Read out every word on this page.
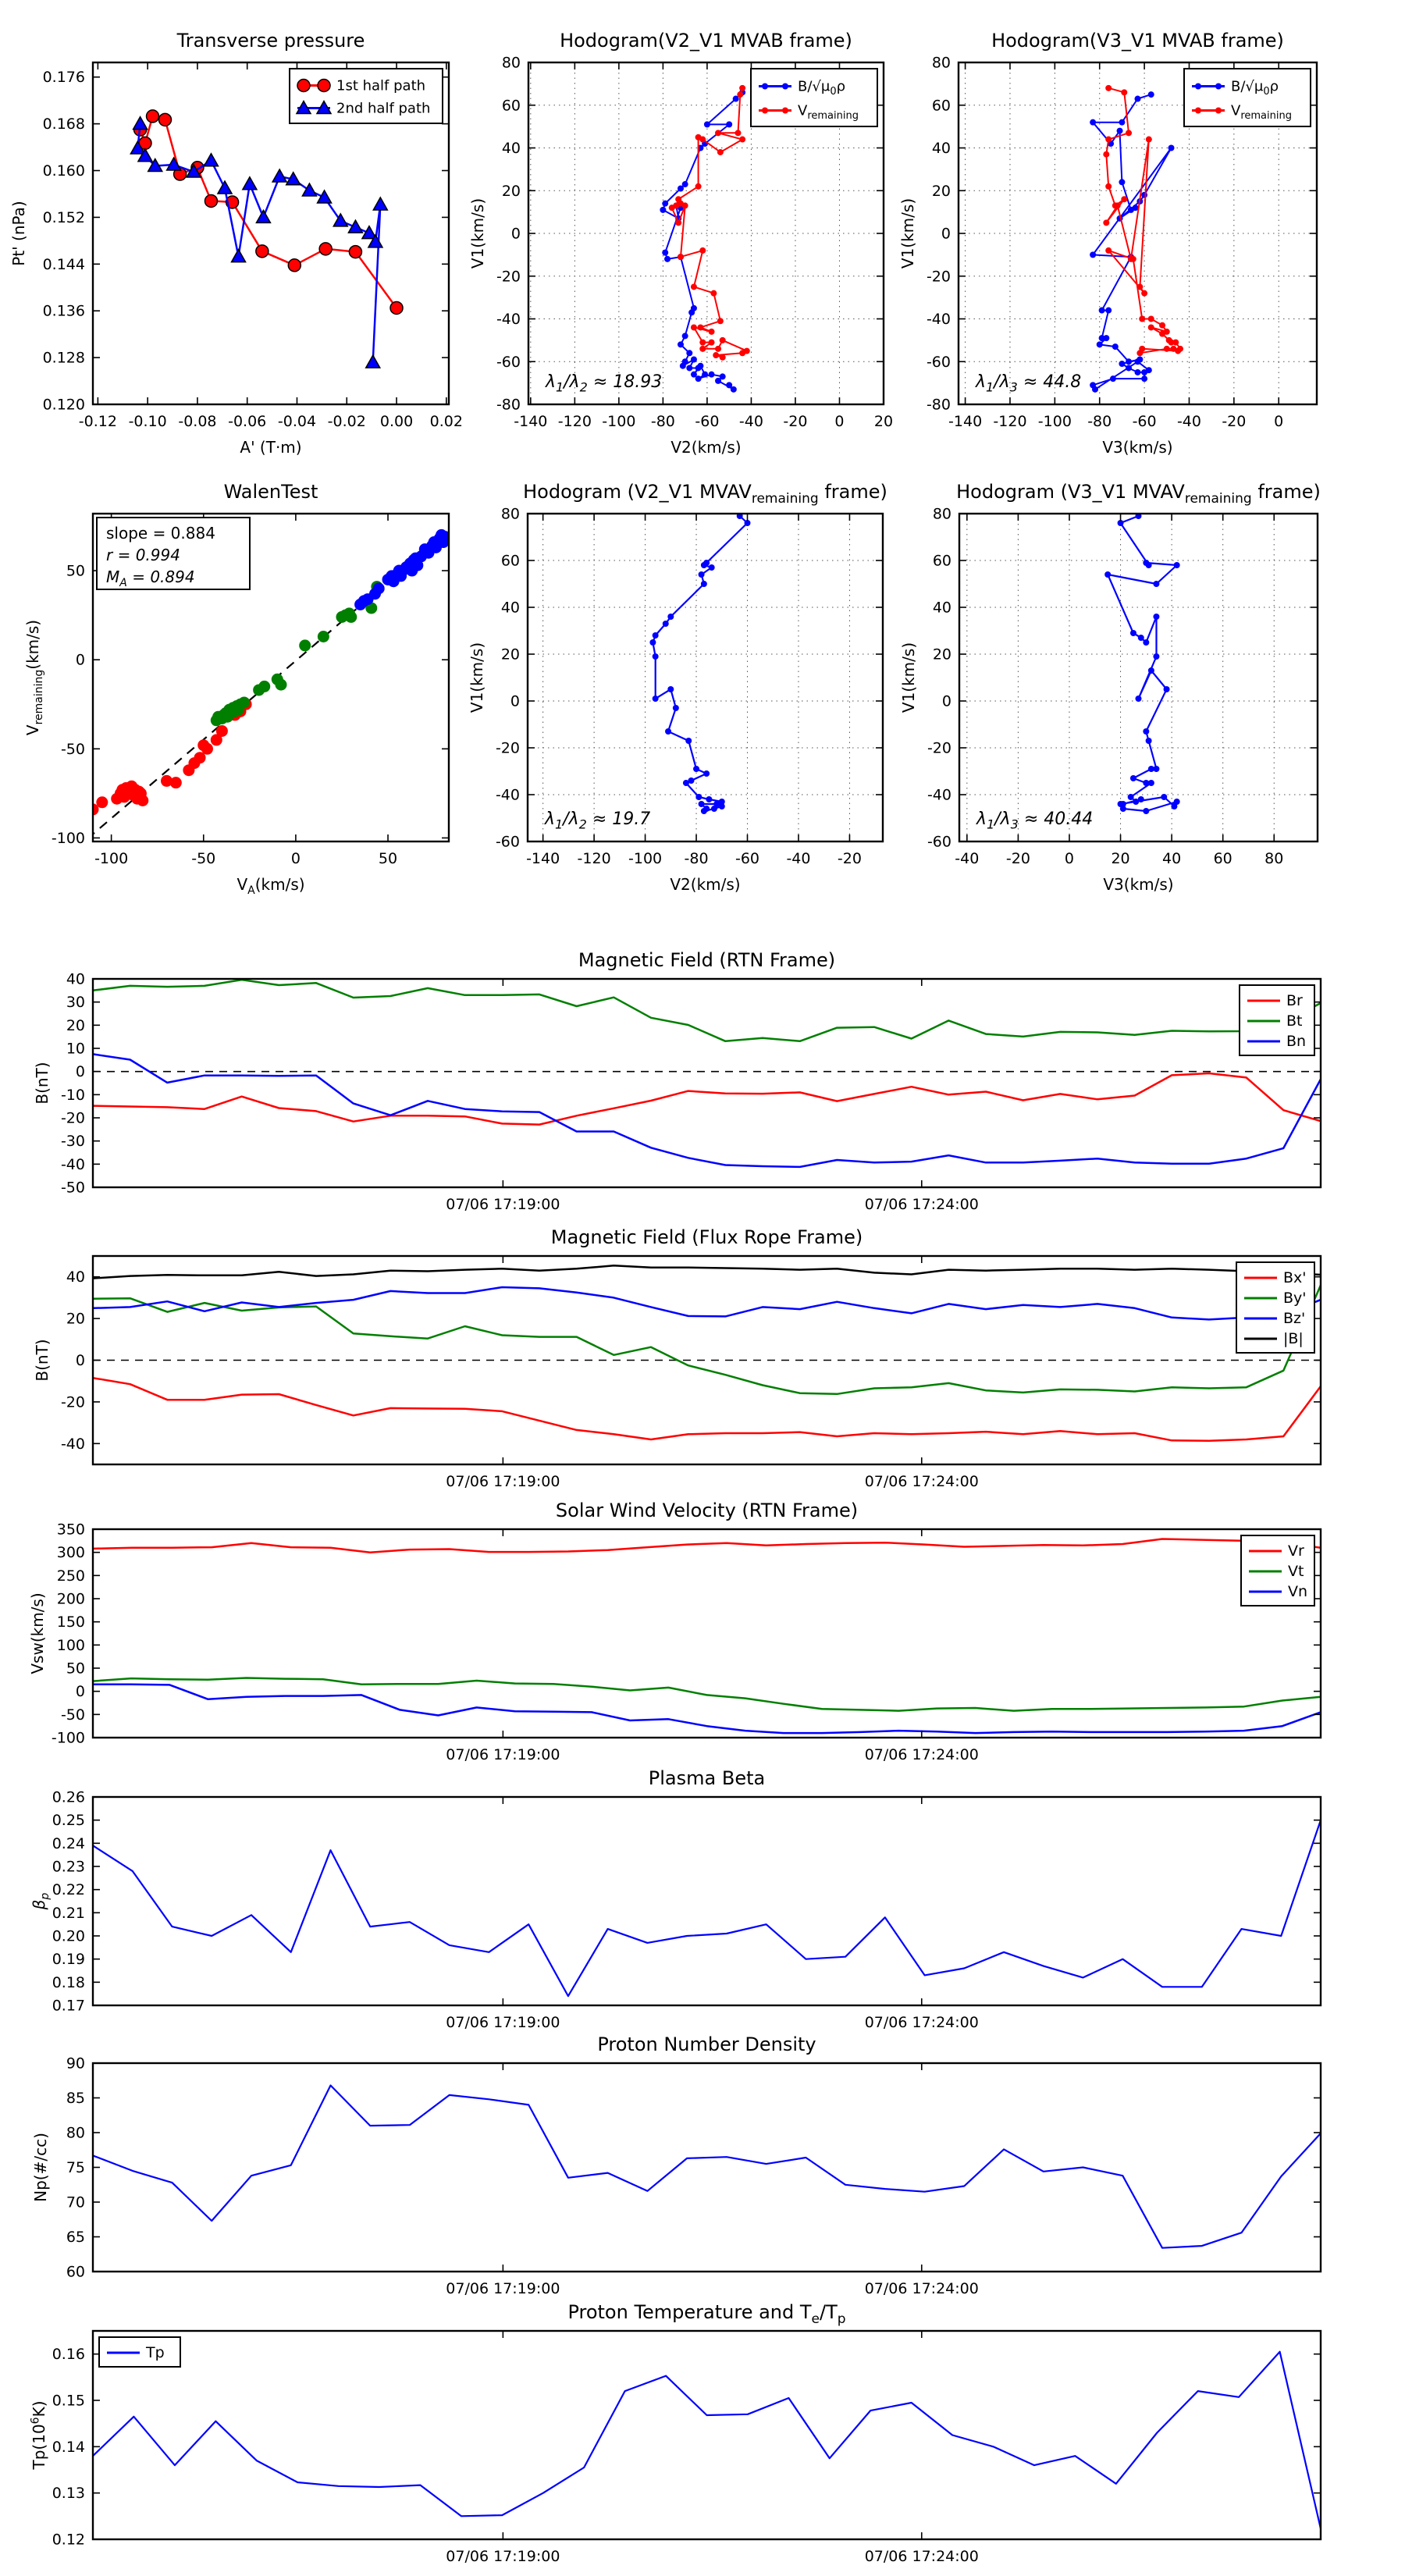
-0.12 -0.10 -0.08 -0.06 -0.04 -0.02 0.00 0.02
0.120
0.128
0.136
0.144
0.152
0.160
0.168
0.176
Transverse pressure
A' (T·m)
Pt' (nPa)
1st half path
2nd half path
-140 -120 -100 -80 -60 -40 -20 0 20
-80
-60
-40
-20
0
20
40
60
80
Hodogram(V2_V1 MVAB frame)
V2(km/s)
V1(km/s)
$\lambda_1/\lambda_2 \approx 18.93$
$B/√\mu_0\rho$
$V_{remaining}$
-140 -120 -100 -80 -60 -40 -20 0
-80
-60
-40
-20
0
20
40
60
80
Hodogram(V3_V1 MVAB frame)
V3(km/s)
V1(km/s)
$\lambda_1/\lambda_3 \approx 44.8$
$B/√\mu_0\rho$
$V_{remaining}$
-100	-50	0	50
-100
-50
0
50
WalenTest
$V_A(km/s)$
$V_{remaining}(km/s)$
slope = 0.884
r = 0.994
$M_A = 0.894$
-140 -120 -100 -80 -60 -40 -20
-60
-40
-20
0
20
40
60
80
Hodogram (V2_V1 $MVAV_{remaining}$ frame)
V2(km/s)
V1(km/s)
$\lambda_1/\lambda_2 \approx 19.7$
-40 -20 0 20 40 60 80
-60
-40
-20
0
20
40
60
80
Hodogram (V3_V1 $MVAV_{remaining}$ frame)
V3(km/s)
V1(km/s)
$\lambda_1/\lambda_3 \approx 40.44$
07/06 17:19:00	07/06 17:24:00
-50
-40
-30
-20
-10
0
10
20
30
40
Magnetic Field (RTN Frame)
B(nT)
Br
Bt
Bn
07/06 17:19:00	07/06 17:24:00
-40
-20
0
20
40
Magnetic Field (Flux Rope Frame)
B(nT)
Bx'
By'
Bz'
|B|
07/06 17:19:00	07/06 17:24:00
-100
-50
0
50
100
150
200
250
300
350
Solar Wind Velocity (RTN Frame)
Vsw(km/s)
Vr
Vt
Vn
07/06 17:19:00	07/06 17:24:00
0.17
0.18
0.19
0.20
0.21
0.22
0.23
0.24
0.25
0.26
Plasma Beta
$\beta_p$
07/06 17:19:00	07/06 17:24:00
60
65
70
75
80
85
90
Proton Number Density
Np(#/cc)
07/06 17:19:00	07/06 17:24:00
0.12
0.13
0.14
0.15
0.16
Proton Temperature and $T_e/T_p$
$Tp(10^6K)$
Tp
